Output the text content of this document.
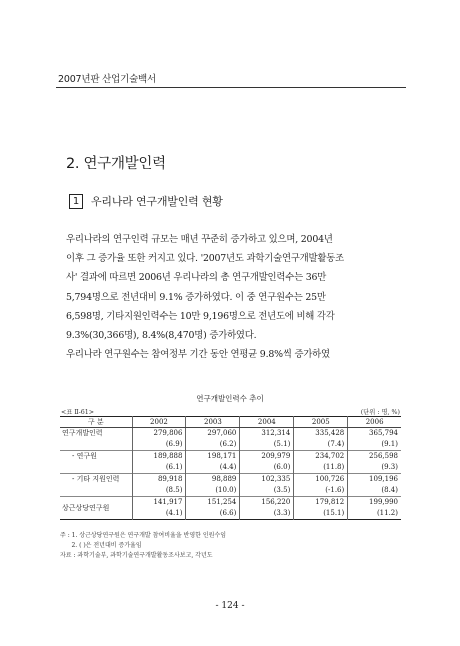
2007년판 산업기술백서
2. 연구개발인력
1	우리나라 연구개발인력 현황
우리나라의 연구인력 규모는 매년 꾸준히 증가하고 있으며, 2004년
이후 그 증가율 또한 커지고 있다. '2007년도 과학기술연구개발활동조
사' 결과에 따르면 2006년 우리나라의 총 연구개발인력수는 36만
5,794명으로 전년대비 9.1% 증가하였다. 이 중 연구원수는 25만
6,598명, 기타지원인력수는 10만 9,196명으로 전년도에 비해 각각
9.3%(30,366명), 8.4%(8,470명) 증가하였다.
우리나라 연구원수는 참여정부 기간 동안 연평균 9.8%씩 증가하였
연구개발인력수 추이
<표 Ⅱ-61>	(단위 : 명, %)
구 분	2002	2003	2004	2005	2006
연구개발인력	279,806	297,060	312,314	335,428	365,794
	(6.9)	(6.2)	(5.1)	(7.4)	(9.1)
- 연구원	189,888	198,171	209,979	234,702	256,598
	(6.1)	(4.4)	(6.0)	(11.8)	(9.3)
- 기타 지원인력	89,918	98,889	102,335	100,726	109,196
	(8.5)	(10.0)	(3.5)	(-1.6)	(8.4)
상근상당연구원	141,917	151,254	156,220	179,812	199,990
	(4.1)	(6.6)	(3.3)	(15.1)	(11.2)
주 : 1. 상근상당연구원은 연구개발 참여비율을 반영한 인원수임
2. ( )은 전년대비 증가율임
자료 : 과학기술부, 과학기술연구개발활동조사보고, 각년도
- 124 -
